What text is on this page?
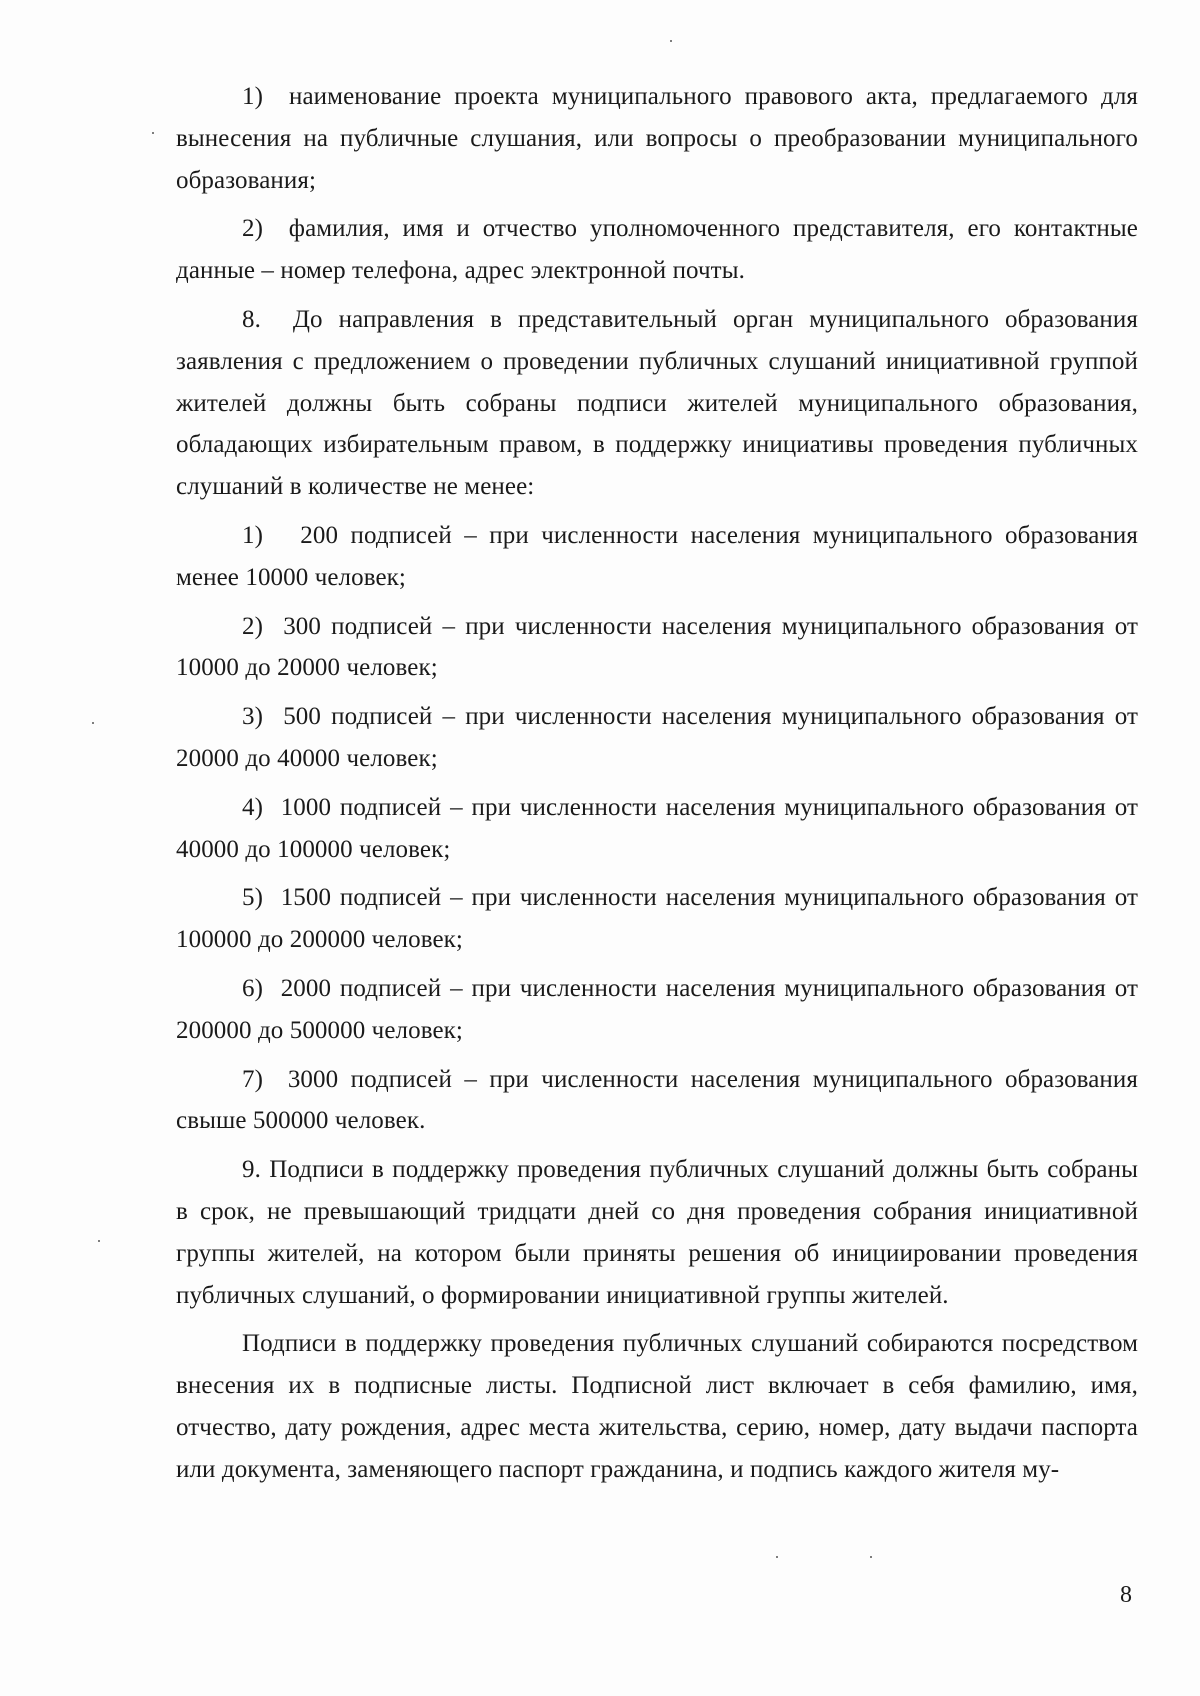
1)  наименование проекта муниципального правового акта, предлагаемого для вынесения на публичные слушания, или вопросы о преобразовании муниципального образования;

2)  фамилия, имя и отчество уполномоченного представителя, его контактные данные – номер телефона, адрес электронной почты.

8.  До направления в представительный орган муниципального образования заявления с предложением о проведении публичных слушаний инициативной группой жителей должны быть собраны подписи жителей муниципального образования, обладающих избирательным правом, в поддержку инициативы проведения публичных слушаний в количестве не менее:

1)   200 подписей – при численности населения муниципального образования менее 10000 человек;

2)  300 подписей – при численности населения муниципального образования от 10000 до 20000 человек;

3)  500 подписей – при численности населения муниципального образования от 20000 до 40000 человек;

4)  1000 подписей – при численности населения муниципального образования от 40000 до 100000 человек;

5)  1500 подписей – при численности населения муниципального образования от 100000 до 200000 человек;

6)  2000 подписей – при численности населения муниципального образования от 200000 до 500000 человек;

7)  3000 подписей – при численности населения муниципального образования свыше 500000 человек.

9. Подписи в поддержку проведения публичных слушаний должны быть собраны в срок, не превышающий тридцати дней со дня проведения собрания инициативной группы жителей, на котором были приняты решения об инициировании проведения публичных слушаний, о формировании инициативной группы жителей.

Подписи в поддержку проведения публичных слушаний собираются посредством внесения их в подписные листы. Подписной лист включает в себя фамилию, имя, отчество, дату рождения, адрес места жительства, серию, номер, дату выдачи паспорта или документа, заменяющего паспорт гражданина, и подпись каждого жителя му-

8
